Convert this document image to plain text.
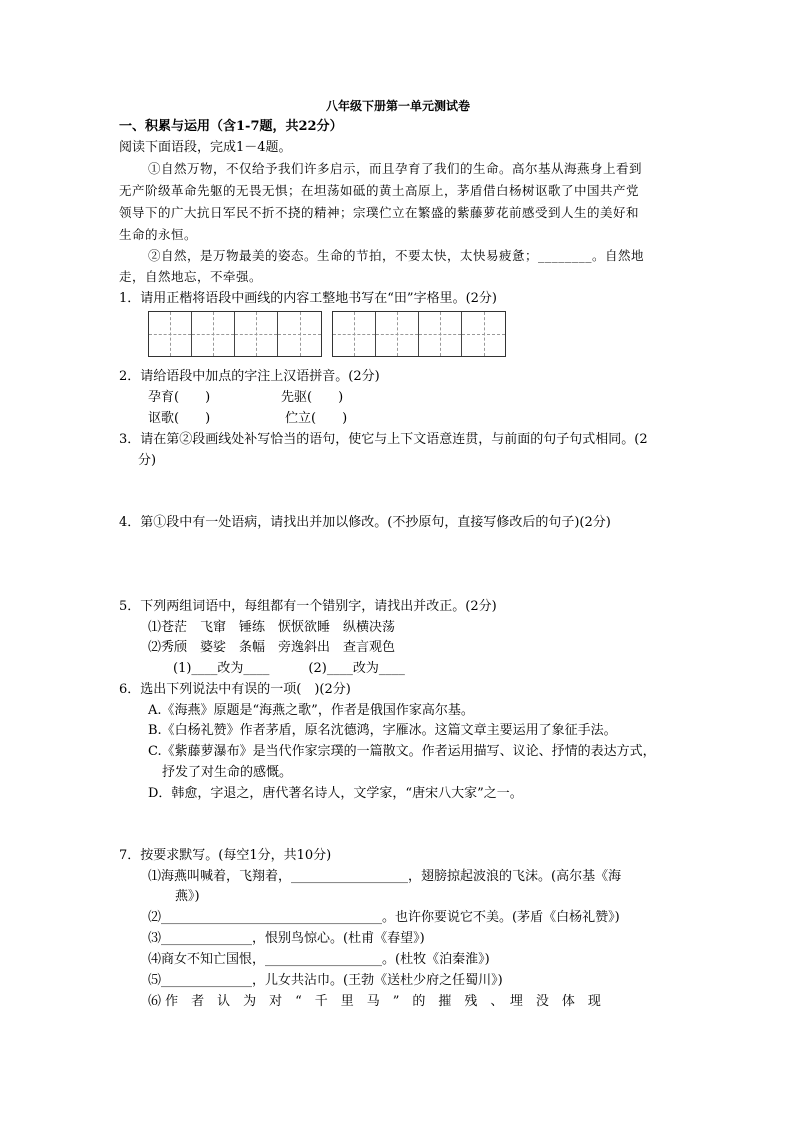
八年级下册第一单元测试卷
一、积累与运用（含1-7题，共22分）
阅读下面语段，完成1－4题。
①自然万物，不仅给予我们许多启示，而且孕育了我们的生命。高尔基从海燕身上看到
无产阶级革命先躯的无畏无惧；在坦荡如砥的黄土高原上，茅盾借白杨树讴歌了中国共产党
领导下的广大抗日军民不折不挠的精神；宗璞伫立在繁盛的紫藤萝花前感受到人生的美好和
生命的永恒。
②自然，是万物最美的姿态。生命的节拍，不要太快，太快易疲惫；________。自然地
走，自然地忘，不牵强。
1．请用正楷将语段中画线的内容工整地书写在“田”字格里。(2分)
2．请给语段中加点的字注上汉语拼音。(2分)
孕育(　　)	先驱(　　)
讴歌(　　)	伫立(　　)
3．请在第②段画线处补写恰当的语句，使它与上下文语意连贯，与前面的句子句式相同。(2
分)
4．第①段中有一处语病，请找出并加以修改。(不抄原句，直接写修改后的句子)(2分)
5．下列两组词语中，每组都有一个错别字，请找出并改正。(2分)
⑴苍茫　飞窜　锤练　恹恹欲睡　纵横决荡
⑵秀颀　婆娑　条幅　旁逸斜出　查言观色
(1)____改为____　　　(2)____改为____
6．选出下列说法中有误的一项(　)(2分)
A.《海燕》原题是“海燕之歌”，作者是俄国作家高尔基。
B.《白杨礼赞》作者茅盾，原名沈德鸿，字雁冰。这篇文章主要运用了象征手法。
C.《紫藤萝瀑布》是当代作家宗璞的一篇散文。作者运用描写、议论、抒情的表达方式，
抒发了对生命的感慨。
D．韩愈，字退之，唐代著名诗人，文学家，“唐宋八大家”之一。
7．按要求默写。(每空1分，共10分)
⑴海燕叫喊着，飞翔着，__________________，翅膀掠起波浪的飞沫。(高尔基《海
燕》)
⑵__________________________________。也许你要说它不美。(茅盾《白杨礼赞》)
⑶______________，恨别鸟惊心。(杜甫《春望》)
⑷商女不知亡国恨，__________________。(杜牧《泊秦淮》)
⑸______________，儿女共沾巾。(王勃《送杜少府之任蜀川》)
⑹ 作　者　认　为　对　“　千　里　马　”　的　摧　残　、　埋　没　体　现
